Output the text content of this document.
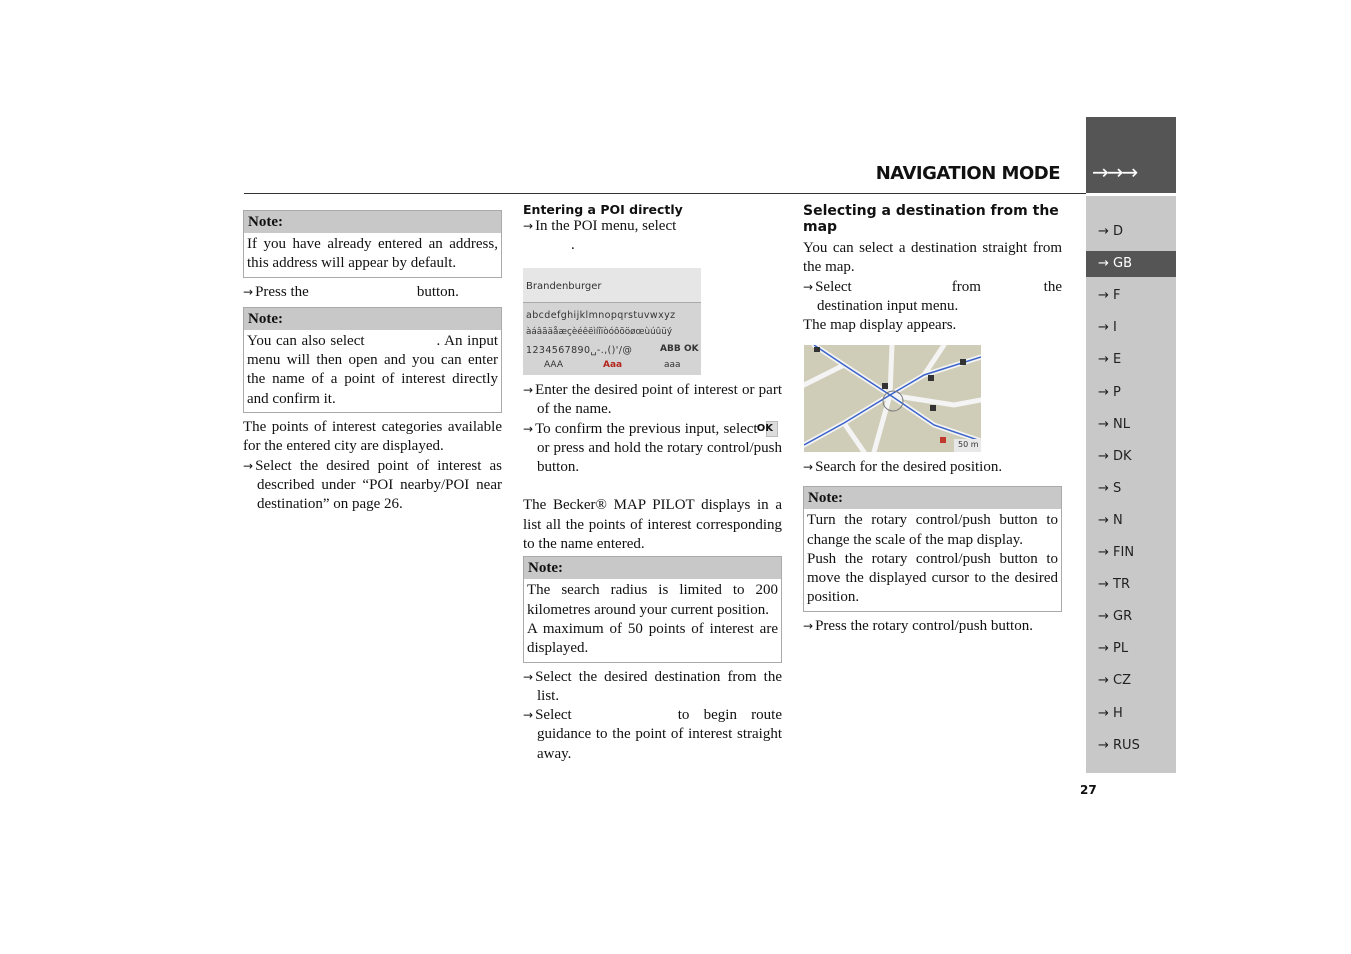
NAVIGATION MODE →→→
→ D
→ GB
→ F
→ I
→ E
→ P
→ NL
→ DK
→ S
→ N
→ FIN
→ TR
→ GR
→ PL
→ CZ
→ H
→ RUS
27
Note:
If you have already entered an address, this address will appear by default.

→ Press the	button.

Note:
You can also select	. An input menu will then open and you can enter the name of a point of interest directly and confirm it.

The points of interest categories available for the entered city are displayed.

→ Select the desired point of interest as described under “POI nearby/POI near destination” on page 26.

Entering a POI directly

→ In the POI menu, select
.

Brandenburger
abcdefghijklmnopqrstuvwxyz
àáâãäåæçèéêëìíîïòóôõöøœùúûüý
1234567890␣-.,()'/@	ABB OK
AAA	Aaa	aaa

→ Enter the desired point of interest or part of the name.

→ To confirm the previous input, select OKor press and hold the rotary control/push button.

The Becker® MAP PILOT displays in a list all the points of interest corresponding to the name entered.

Note:
The search radius is limited to 200 kilometres around your current position.
A maximum of 50 points of interest are displayed.

→ Select the desired destination from the list.

→ Select	to begin route guidance to the point of interest straight away.

Selecting a destination from the map

You can select a destination straight from the map.

→ Select	from the destination input menu.

The map display appears.

50 m

→ Search for the desired position.

Note:
Turn the rotary control/push button to change the scale of the map display.
Push the rotary control/push button to move the displayed cursor to the desired position.

→ Press the rotary control/push button.
